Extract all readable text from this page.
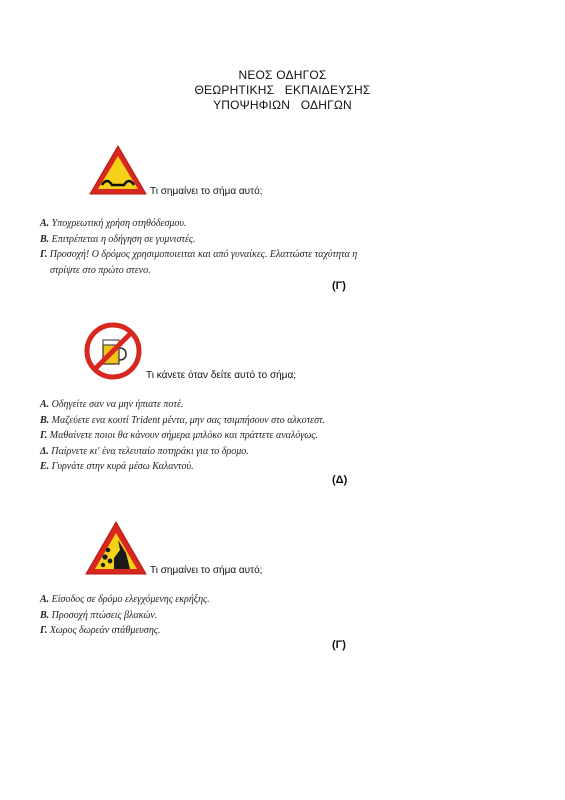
ΝΕΟΣ ΟΔΗΓΟΣ
ΘΕΩΡΗΤΙΚΗΣ   ΕΚΠΑΙΔΕΥΣΗΣ
ΥΠΟΨΗΦΙΩΝ   ΟΔΗΓΩΝ
Τι σημαίνει το σήμα αυτό;
Α. Υποχρεωτική χρήση οτηθόδεσμου.
Β. Επιτρέπεται η οδήγηση σε γυμνιστές.
Γ. Προσοχή! Ο δρόμος χρησιμοποιειται και από γυναίκες. Ελαττώστε ταχύτητα η
στρίψτε στο πρώτο στενο.
(Γ)
Τι κάνετε όταν δείτε αυτό το σήμα;
Α. Οδηγείτε σαν να μην ήπιατε ποτέ.
Β. Μαζεύετε ενα κουτί Trident μέντα, μην σας τσιμπήσουν στο αλκοτεστ.
Γ. Μαθαίνετε ποιοι θα κάνουν σήμερα μπλόκο και πράττετε αναλόγως.
Δ. Παίρνετε κι' ένα τελευταίο ποτηράκι για το δρομο.
Ε. Γυρνάτε στην κυρά μέσω Καλαντού.
(Δ)
Τι σημαίνει το σήμα αυτό;
Α. Είσοδος σε δρόμο ελεγχόμενης εκρήξης.
Β. Προσοχή πτώσεις βλακών.
Γ. Χωρος δωρεάν στάθμευσης.
(Γ)
